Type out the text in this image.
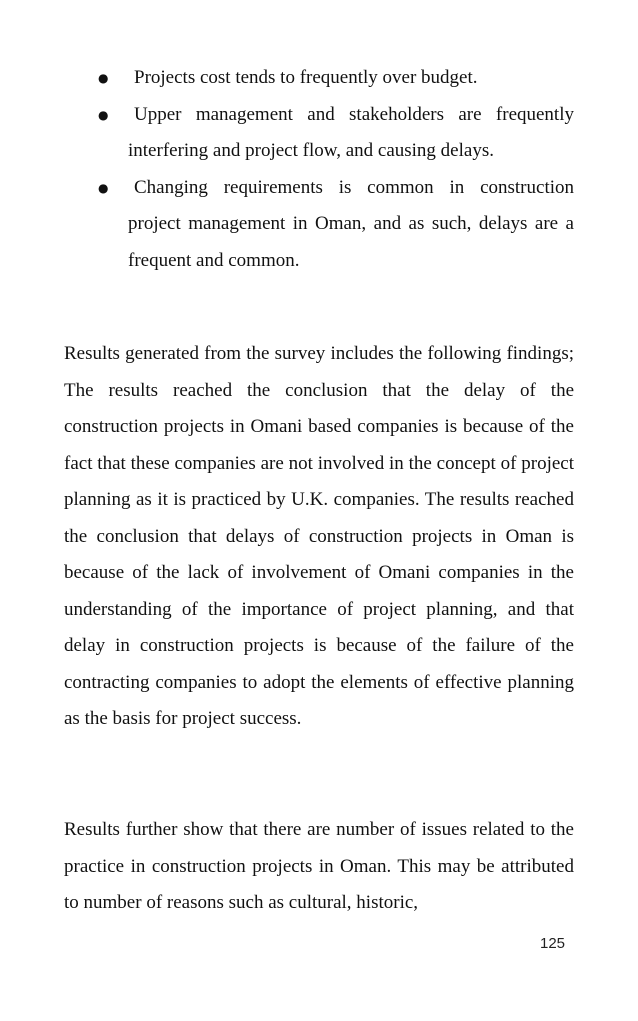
●	Projects cost tends to frequently over budget.
●	Upper management and stakeholders are frequently interfering and project flow, and causing delays.
●	Changing requirements is common in construction project management in Oman, and as such, delays are a frequent and common.

Results generated from the survey includes the following findings; The results reached the conclusion that the delay of the construction projects in Omani based companies is because of the fact that these companies are not involved in the concept of project planning as it is practiced by U.K. companies. The results reached the conclusion that delays of construction projects in Oman is because of the lack of involvement of Omani companies in the understanding of the importance of project planning, and that delay in construction projects is because of the failure of the contracting companies to adopt the elements of effective planning as the basis for project success.

Results further show that there are number of issues related to the practice in construction projects in Oman. This may be attributed to number of reasons such as cultural, historic,

125
